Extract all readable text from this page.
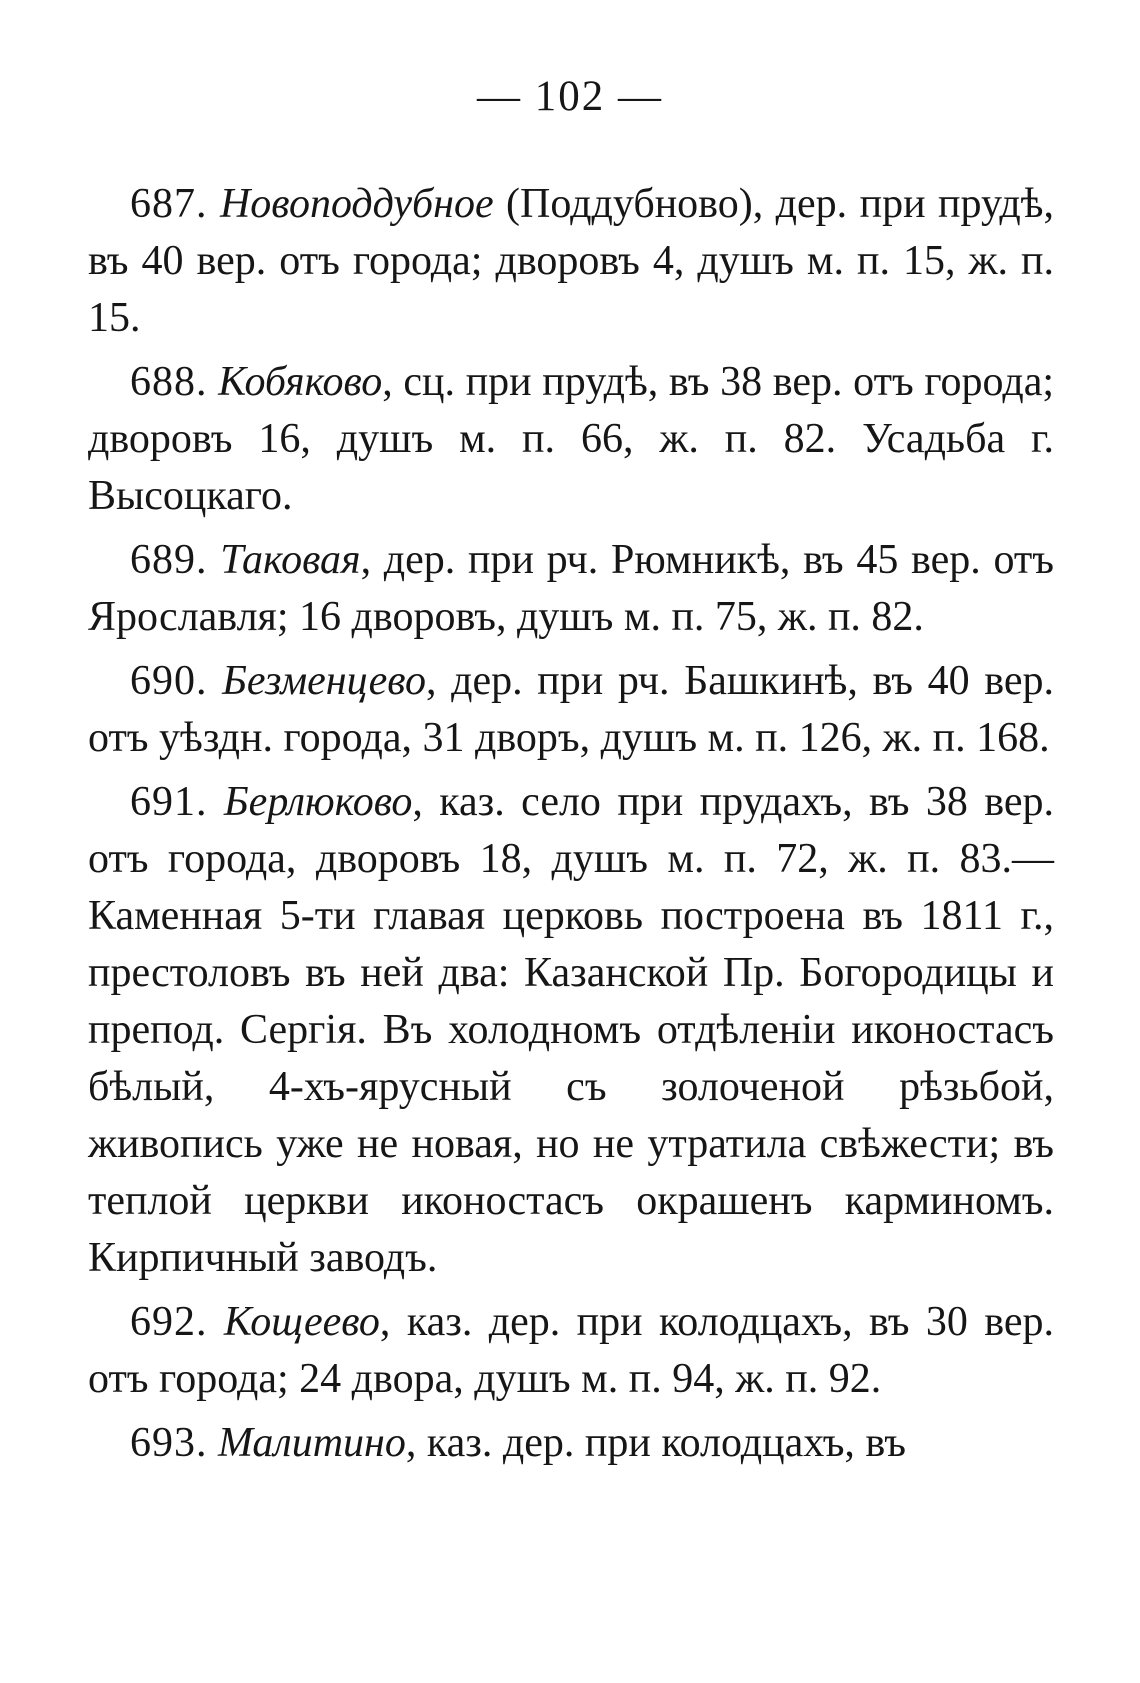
— 102 —

687. Новоподдубное (Поддубново), дер. при прудѣ, въ 40 вер. отъ города; дворовъ 4, душъ м. п. 15, ж. п. 15.

688. Кобяково, сц. при прудѣ, въ 38 вер. отъ города; дворовъ 16, душъ м. п. 66, ж. п. 82. Усадьба г. Высоцкаго.

689. Таковая, дер. при рч. Рюмникѣ, въ 45 вер. отъ Ярославля; 16 дворовъ, душъ м. п. 75, ж. п. 82.

690. Безменцево, дер. при рч. Башкинѣ, въ 40 вер. отъ уѣздн. города, 31 дворъ, душъ м. п. 126, ж. п. 168.

691. Берлюково, каз. село при прудахъ, въ 38 вер. отъ города, дворовъ 18, душъ м. п. 72, ж. п. 83.—Каменная 5-ти главая церковь построена въ 1811 г., престоловъ въ ней два: Казанской Пр. Богородицы и препод. Сергія. Въ холодномъ отдѣленіи иконостасъ бѣлый, 4-хъ-ярусный съ золоченой рѣзьбой, живопись уже не новая, но не утратила свѣжести; въ теплой церкви иконостасъ окрашенъ карминомъ. Кирпичный заводъ.

692. Кощеево, каз. дер. при колодцахъ, въ 30 вер. отъ города; 24 двора, душъ м. п. 94, ж. п. 92.

693. Малитино, каз. дер. при колодцахъ, въ
